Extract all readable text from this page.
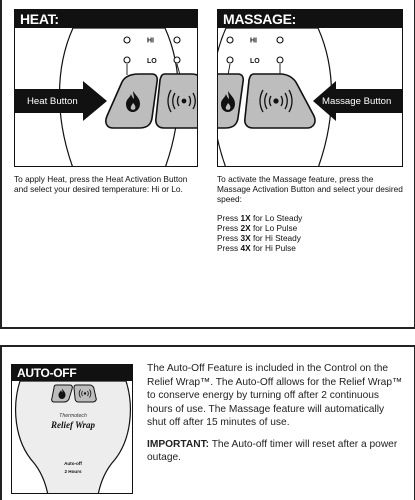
HEAT:
HI
LO
Heat Button
To apply Heat, press the Heat Activation Button and select your desired temperature: Hi or Lo.
MASSAGE:
HI
LO
Massage Button
To activate the Massage feature, press the Massage Activation Button and select your desired speed:
Press 1X for Lo Steady
Press 2X for Lo Pulse
Press 3X for Hi Steady
Press 4X for Hi Pulse
AUTO-OFF
Thermotech
Relief Wrap
Auto-off
2 Hours

The Auto-Off Feature is included in the Control on the Relief Wrap™. The Auto-Off allows for the Relief Wrap™ to conserve energy by turning off after 2 continuous hours of use. The Massage feature will automatically shut off after 15 minutes of use.

IMPORTANT: The Auto-off timer will reset after a power outage.
